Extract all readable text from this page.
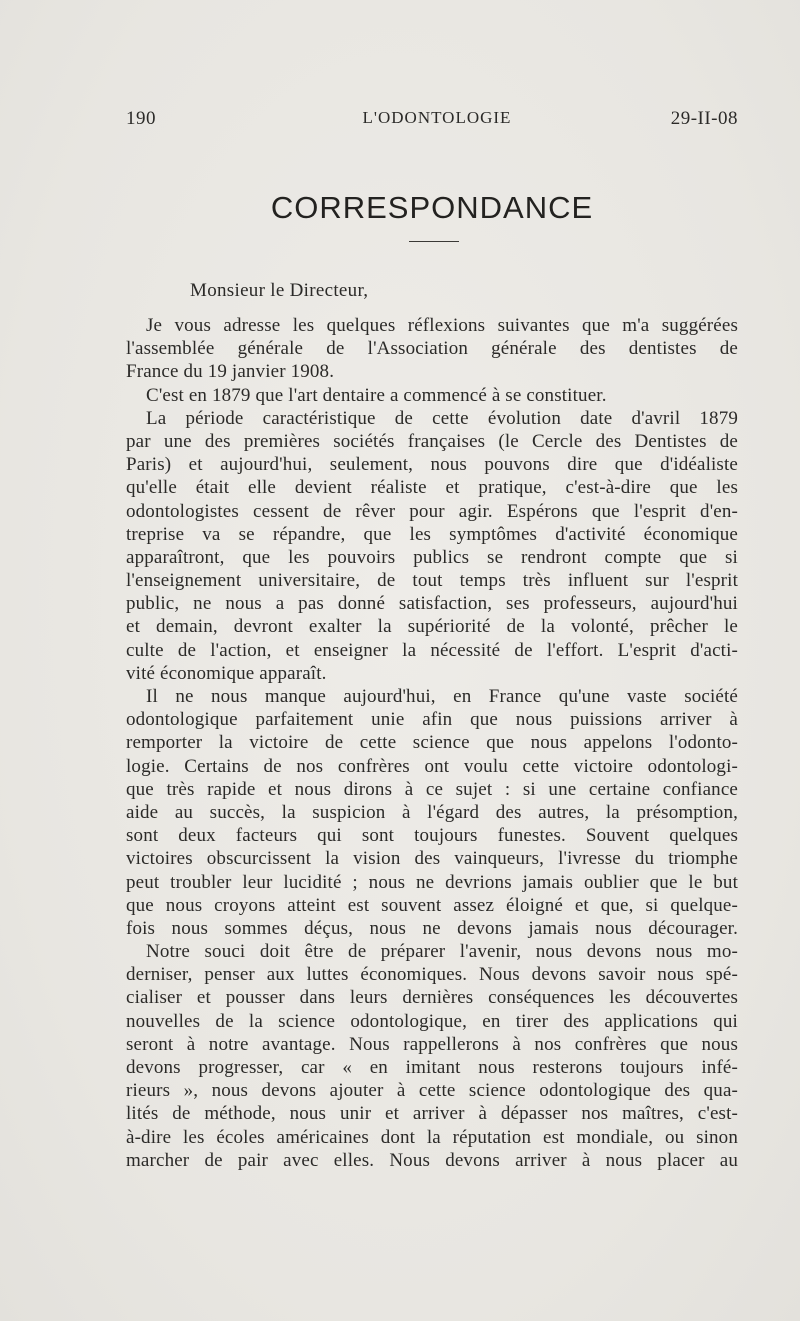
190	L'ODONTOLOGIE	29-II-08
CORRESPONDANCE
Monsieur le Directeur,
Je vous adresse les quelques réflexions suivantes que m'a suggérées
l'assemblée générale de l'Association générale des dentistes de
France du 19 janvier 1908.
C'est en 1879 que l'art dentaire a commencé à se constituer.
La période caractéristique de cette évolution date d'avril 1879
par une des premières sociétés françaises (le Cercle des Dentistes de
Paris) et aujourd'hui, seulement, nous pouvons dire que d'idéaliste
qu'elle était elle devient réaliste et pratique, c'est-à-dire que les
odontologistes cessent de rêver pour agir. Espérons que l'esprit d'en-
treprise va se répandre, que les symptômes d'activité économique
apparaîtront, que les pouvoirs publics se rendront compte que si
l'enseignement universitaire, de tout temps très influent sur l'esprit
public, ne nous a pas donné satisfaction, ses professeurs, aujourd'hui
et demain, devront exalter la supériorité de la volonté, prêcher le
culte de l'action, et enseigner la nécessité de l'effort. L'esprit d'acti-
vité économique apparaît.
Il ne nous manque aujourd'hui, en France qu'une vaste société
odontologique parfaitement unie afin que nous puissions arriver à
remporter la victoire de cette science que nous appelons l'odonto-
logie. Certains de nos confrères ont voulu cette victoire odontologi-
que très rapide et nous dirons à ce sujet : si une certaine confiance
aide au succès, la suspicion à l'égard des autres, la présomption,
sont deux facteurs qui sont toujours funestes. Souvent quelques
victoires obscurcissent la vision des vainqueurs, l'ivresse du triomphe
peut troubler leur lucidité ; nous ne devrions jamais oublier que le but
que nous croyons atteint est souvent assez éloigné et que, si quelque-
fois nous sommes déçus, nous ne devons jamais nous décourager.
Notre souci doit être de préparer l'avenir, nous devons nous mo-
derniser, penser aux luttes économiques. Nous devons savoir nous spé-
cialiser et pousser dans leurs dernières conséquences les découvertes
nouvelles de la science odontologique, en tirer des applications qui
seront à notre avantage. Nous rappellerons à nos confrères que nous
devons progresser, car « en imitant nous resterons toujours infé-
rieurs », nous devons ajouter à cette science odontologique des qua-
lités de méthode, nous unir et arriver à dépasser nos maîtres, c'est-
à-dire les écoles américaines dont la réputation est mondiale, ou sinon
marcher de pair avec elles. Nous devons arriver à nous placer au
